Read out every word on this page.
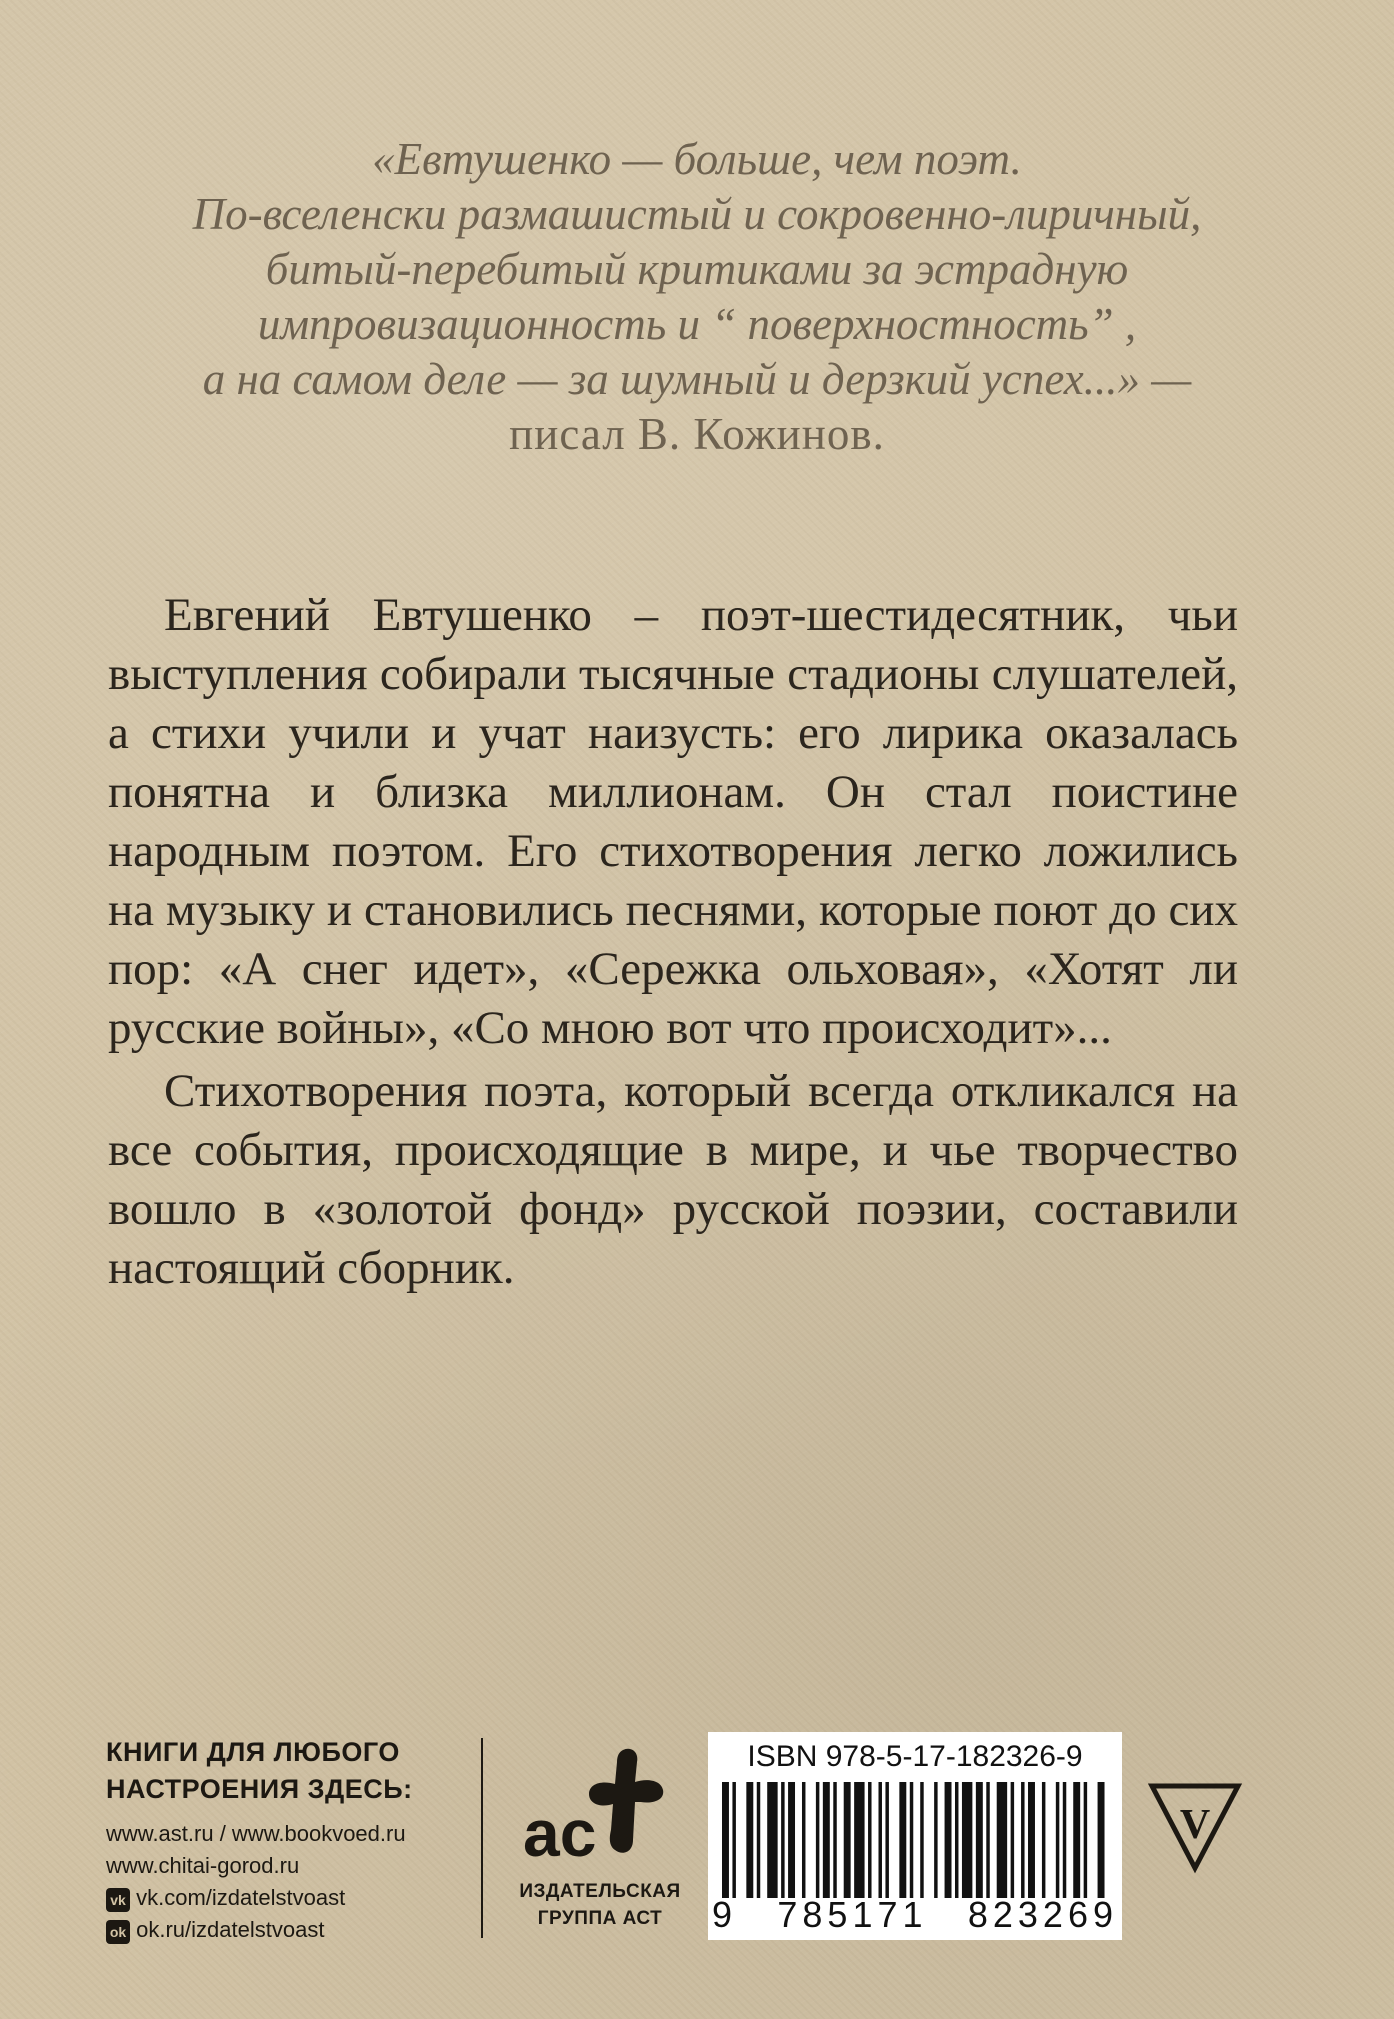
«Евтушенко — больше, чем поэт.
По-вселенски размашистый и сокровенно-лиричный,
битый-перебитый критиками за эстрадную
импровизационность и “ поверхностность” ,
а на самом деле — за шумный и дерзкий успех...» —
писал В. Кожинов.

Евгений Евтушенко – поэт-шестидесятник, чьи выступления собирали тысячные стадионы слушателей, а стихи учили и учат наизусть: его лирика оказалась понятна и близка миллионам. Он стал поистине народным поэтом. Его стихотворения легко ложились на музыку и становились песнями, которые поют до сих пор: «А снег идет», «Сережка ольховая», «Хотят ли русские войны», «Со мною вот что происходит»...

Стихотворения поэта, который всегда откликался на все события, происходящие в мире, и чье творчество вошло в «золотой фонд» русской поэзии, составили настоящий сборник.

КНИГИ ДЛЯ ЛЮБОГО
НАСТРОЕНИЯ ЗДЕСЬ:
www.ast.ru / www.bookvoed.ru
www.chitai-gorod.ru
vk vk.com/izdatelstvoast
ok ok.ru/izdatelstvoast
ac
ИЗДАТЕЛЬСКАЯ
ГРУППА АСТ
ISBN 978-5-17-182326-9
9 785171 823269
V
